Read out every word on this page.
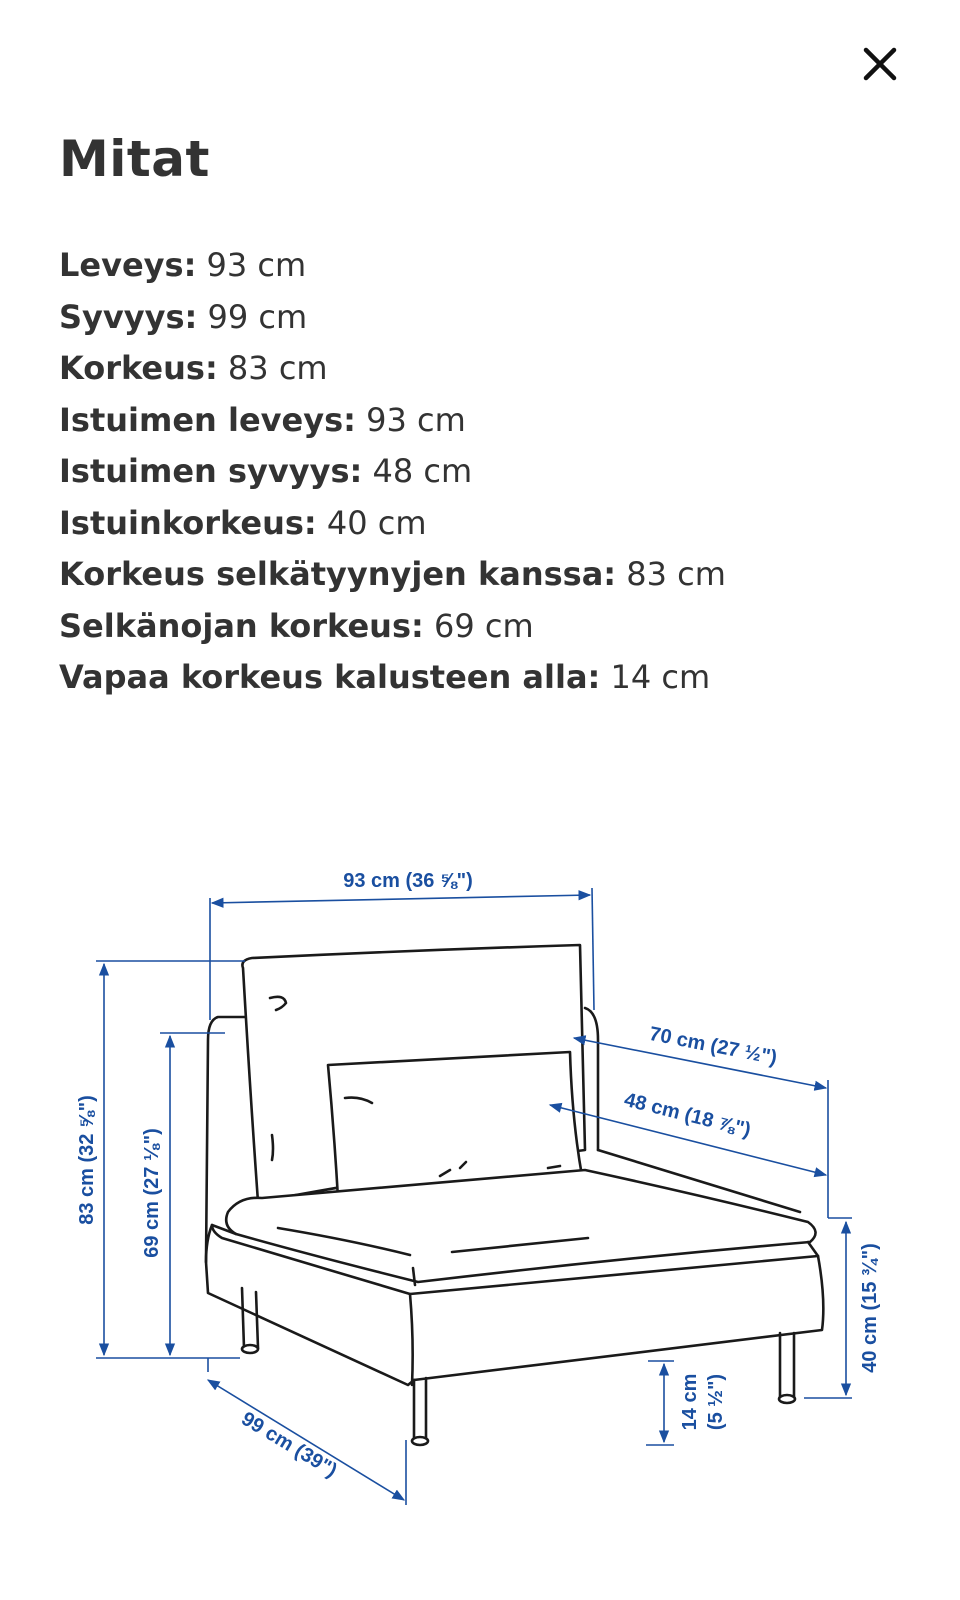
Mitat
Leveys: 93 cm
Syvyys: 99 cm
Korkeus: 83 cm
Istuimen leveys: 93 cm
Istuimen syvyys: 48 cm
Istuinkorkeus: 40 cm
Korkeus selkätyynyjen kanssa: 83 cm
Selkänojan korkeus: 69 cm
Vapaa korkeus kalusteen alla: 14 cm
93 cm (36 ⅝")
83 cm (32 ⅝") 69 cm (27 ⅛")
99 cm (39")
70 cm (27 ½")
48 cm (18 ⅞")
40 cm (15 ¾")
14 cm (5 ½")
